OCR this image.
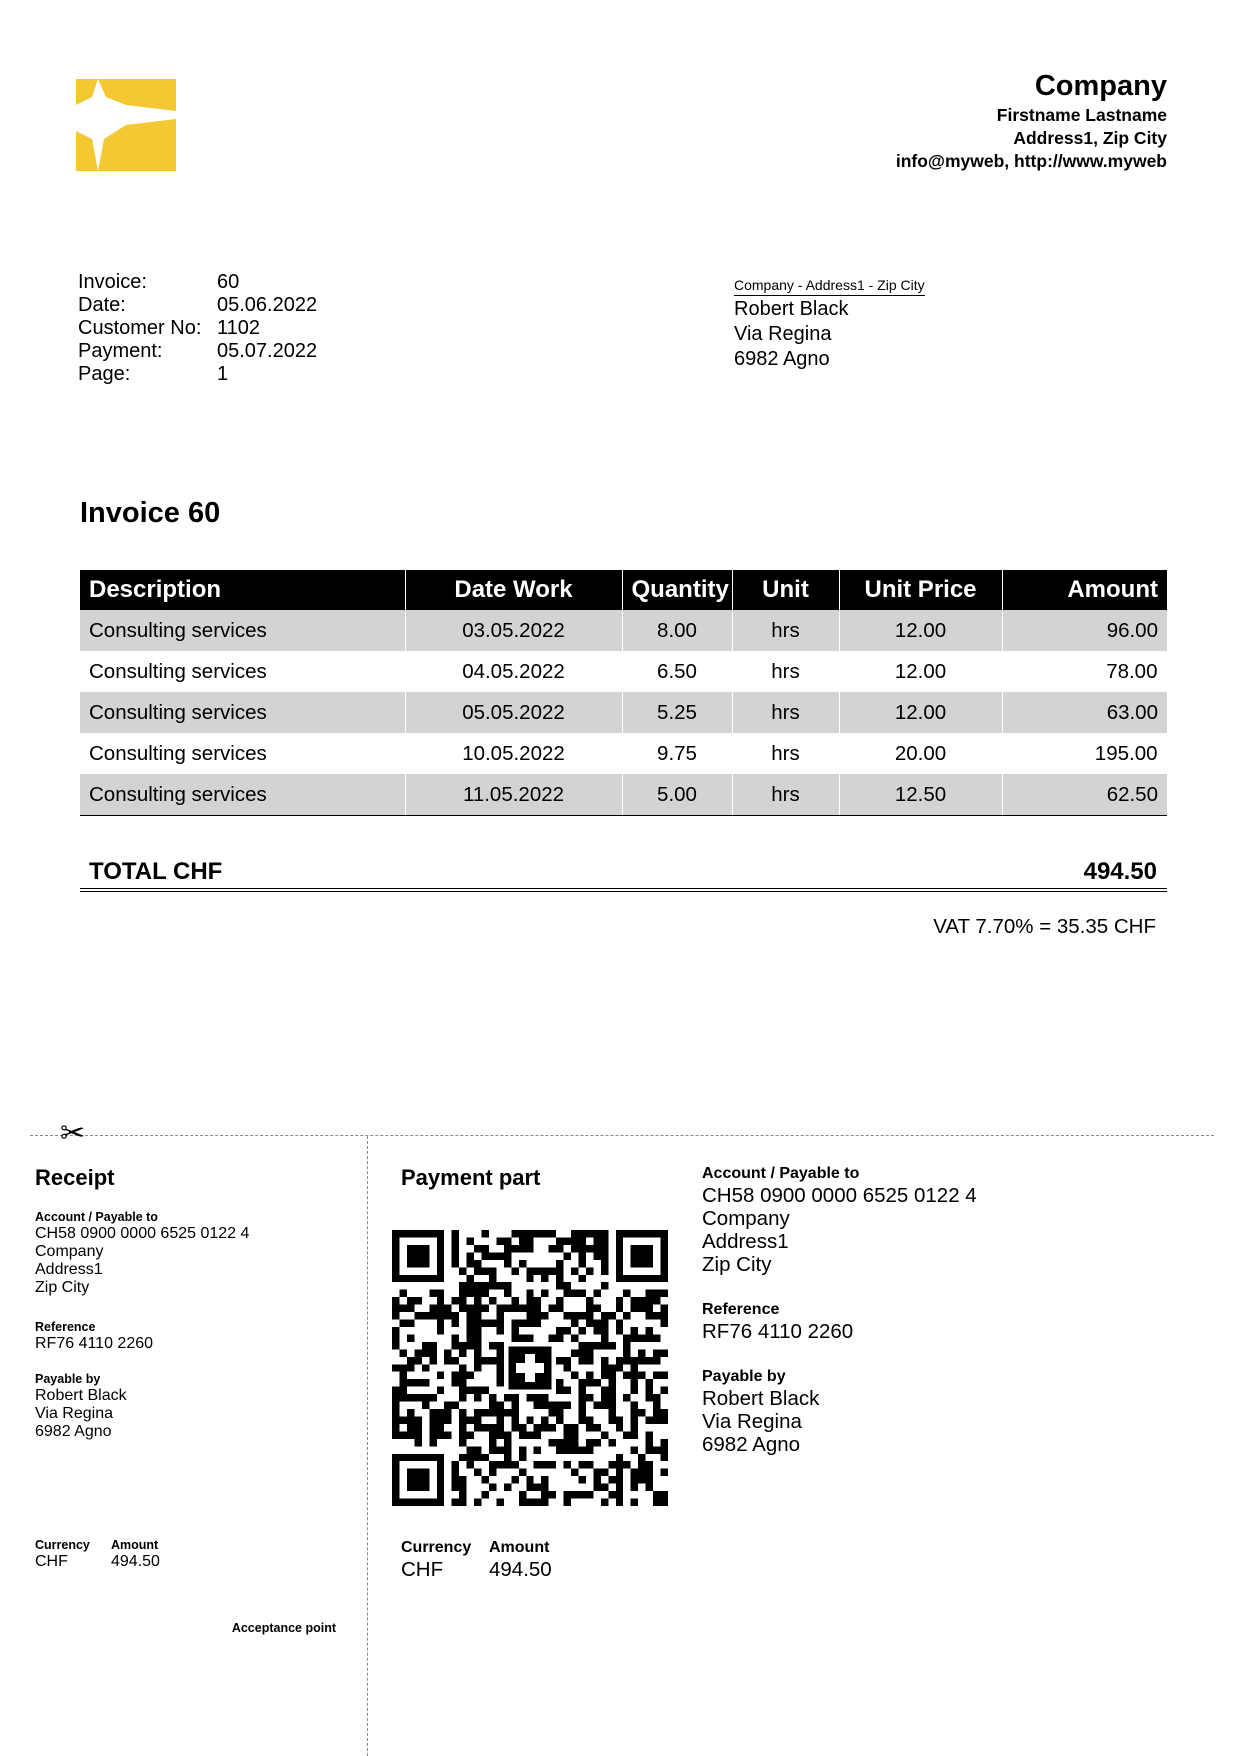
Company
Firstname Lastname
Address1, Zip City
info@myweb, http://www.myweb
Invoice:	60
Date:	05.06.2022
Customer No: 1102
Payment:	05.07.2022
Page:	1
Company - Address1 - Zip City
Robert Black
Via Regina
6982 Agno
Invoice 60
Description	Date Work	Quantity	Unit	Unit Price	Amount
Consulting services	03.05.2022	8.00	hrs	12.00	96.00
Consulting services	04.05.2022	6.50	hrs	12.00	78.00
Consulting services	05.05.2022	5.25	hrs	12.00	63.00
Consulting services	10.05.2022	9.75	hrs	20.00	195.00
Consulting services	11.05.2022	5.00	hrs	12.50	62.50
TOTAL CHF	494.50
VAT 7.70% = 35.35 CHF
✂
Receipt
Account / Payable to
CH58 0900 0000 6525 0122 4
Company
Address1
Zip City
Reference
RF76 4110 2260
Payable by
Robert Black
Via Regina
6982 Agno
Currency
CHF
Amount
494.50
Acceptance point
Payment part	Account / Payable to
CH58 0900 0000 6525 0122 4
Company
Address1
Zip City
Reference
RF76 4110 2260
Payable by
Robert Black
Via Regina
6982 Agno
Currency
CHF
Amount
494.50
